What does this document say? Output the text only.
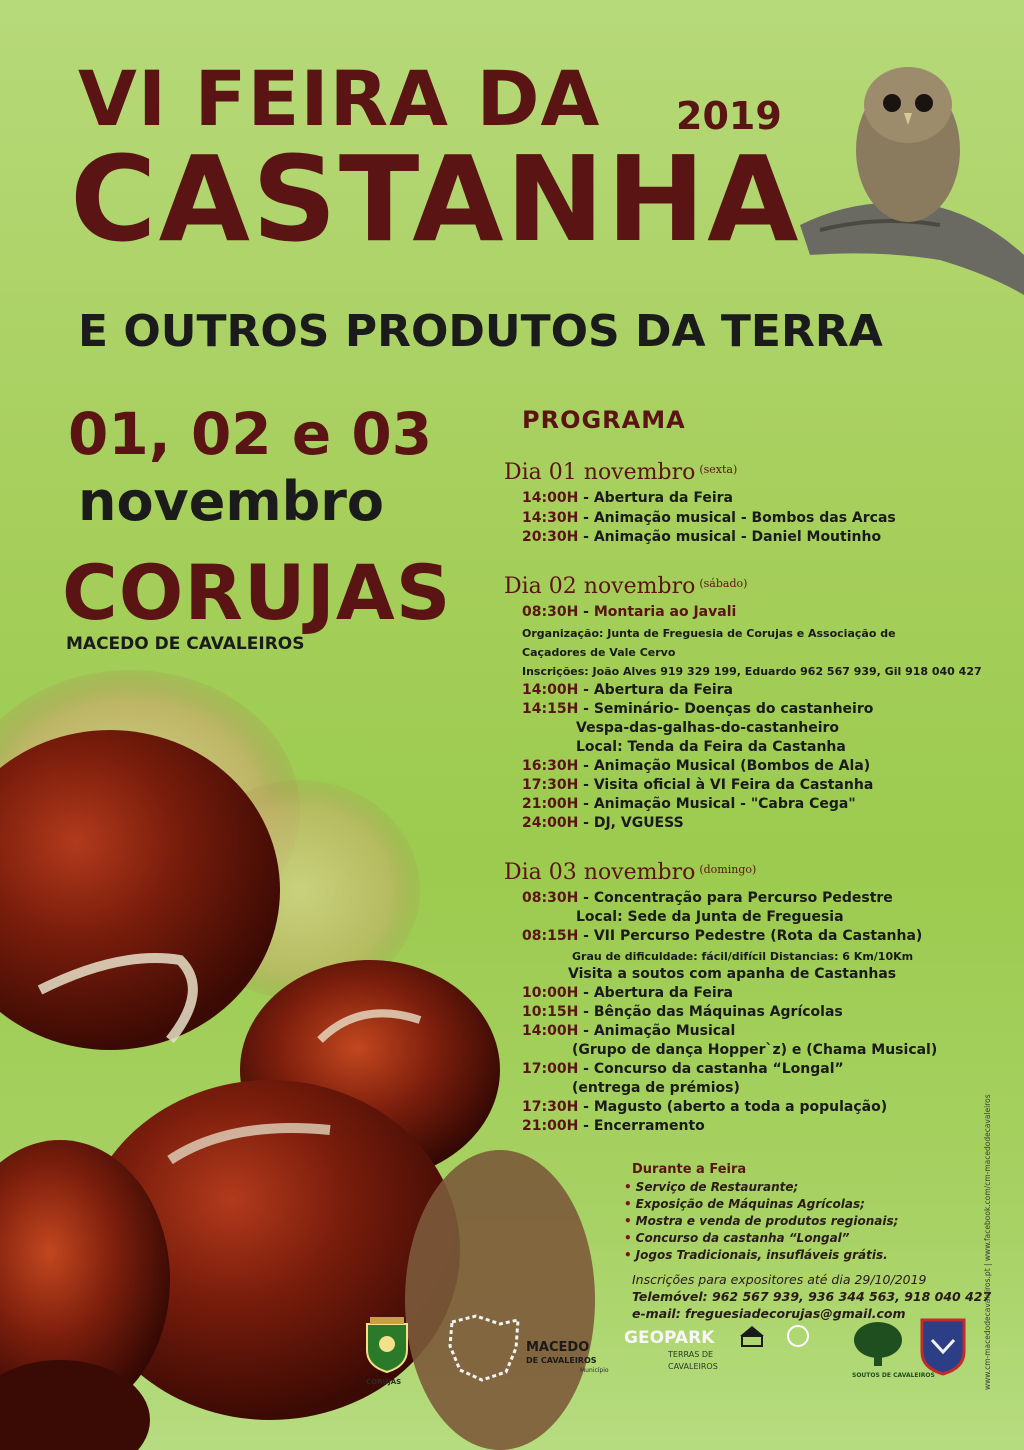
VI FEIRA DA 2019
CASTANHA
E OUTROS PRODUTOS DA TERRA
01, 02 e 03
novembro
CORUJAS
MACEDO DE CAVALEIROS
PROGRAMA
Dia 01 novembro $^{(sexta)}$
14:00H - Abertura da Feira
14:30H - Animação musical - Bombos das Arcas
20:30H - Animação musical - Daniel Moutinho
Dia 02 novembro $^{(sábado)}$
08:30H - Montaria ao Javali
Organização: Junta de Freguesia de Corujas e Associação de
Caçadores de Vale Cervo
Inscrições: João Alves 919 329 199, Eduardo 962 567 939, Gil 918 040 427
14:00H - Abertura da Feira
14:15H - Seminário- Doenças do castanheiro
Vespa-das-galhas-do-castanheiro
Local: Tenda da Feira da Castanha
16:30H - Animação Musical (Bombos de Ala)
17:30H - Visita oficial à VI Feira da Castanha
21:00H - Animação Musical - "Cabra Cega"
24:00H - DJ, VGUESS
Dia 03 novembro $^{(domingo)}$
08:30H - Concentração para Percurso Pedestre
Local: Sede da Junta de Freguesia
08:15H - VII Percurso Pedestre (Rota da Castanha)
Grau de dificuldade: fácil/difícil Distancias: 6 Km/10Km
Visita a soutos com apanha de Castanhas
10:00H - Abertura da Feira
10:15H - Bênção das Máquinas Agrícolas
14:00H - Animação Musical
(Grupo de dança Hopper`z) e (Chama Musical)
17:00H - Concurso da castanha “Longal”
(entrega de prémios)
17:30H - Magusto (aberto a toda a população)
21:00H - Encerramento
Durante a Feira
• Serviço de Restaurante;
• Exposição de Máquinas Agrícolas;
• Mostra e venda de produtos regionais;
• Concurso da castanha “Longal”
• Jogos Tradicionais, insufláveis grátis.
Inscrições para expositores até dia 29/10/2019
Telemóvel: 962 567 939, 936 344 563, 918 040 427
e-mail: freguesiadecorujas@gmail.com	www.cm-macedodecavaleiros.pt | www.facebook.com/cm-macedodecavaleiros
CORUJAS
MACEDO
DE CAVALEIROS
Município
GEOPARK
TERRAS DE
CAVALEIROS
SOUTOS DE CAVALEIROS
